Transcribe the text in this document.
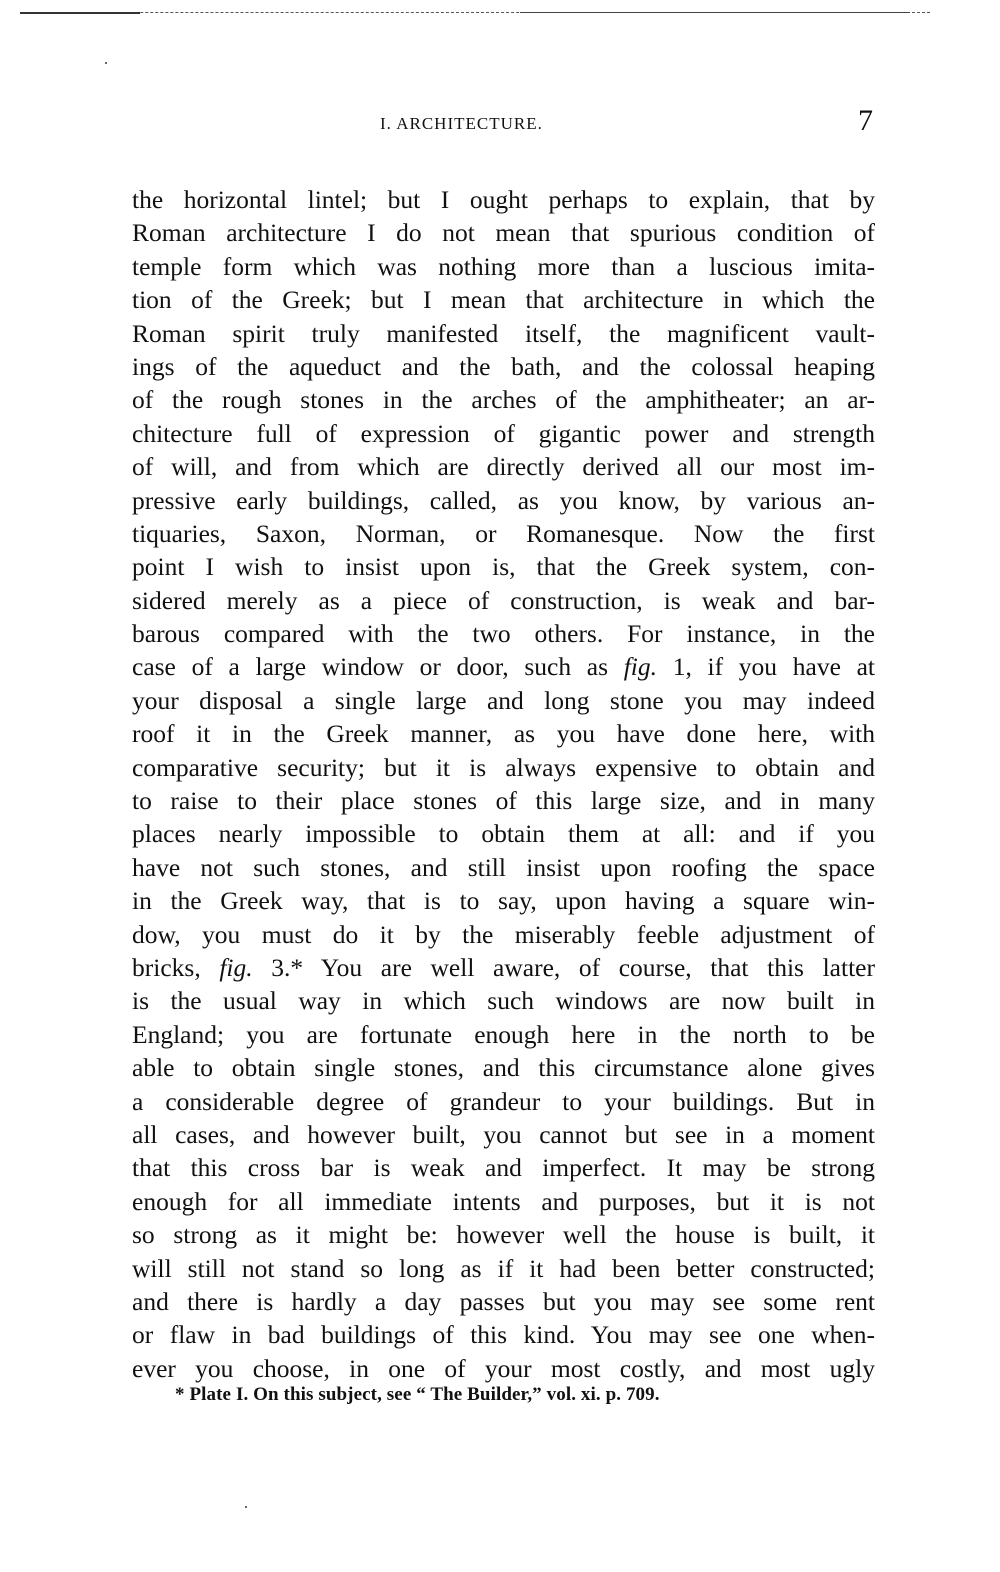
I. ARCHITECTURE.	7
the horizontal lintel; but I ought perhaps to explain, that by
Roman architecture I do not mean that spurious condition of
temple form which was nothing more than a luscious imita-
tion of the Greek; but I mean that architecture in which the
Roman spirit truly manifested itself, the magnificent vault-
ings of the aqueduct and the bath, and the colossal heaping
of the rough stones in the arches of the amphitheater; an ar-
chitecture full of expression of gigantic power and strength
of will, and from which are directly derived all our most im-
pressive early buildings, called, as you know, by various an-
tiquaries, Saxon, Norman, or Romanesque. Now the first
point I wish to insist upon is, that the Greek system, con-
sidered merely as a piece of construction, is weak and bar-
barous compared with the two others. For instance, in the
case of a large window or door, such as fig. 1, if you have at
your disposal a single large and long stone you may indeed
roof it in the Greek manner, as you have done here, with
comparative security; but it is always expensive to obtain and
to raise to their place stones of this large size, and in many
places nearly impossible to obtain them at all: and if you
have not such stones, and still insist upon roofing the space
in the Greek way, that is to say, upon having a square win-
dow, you must do it by the miserably feeble adjustment of
bricks, fig. 3.* You are well aware, of course, that this latter
is the usual way in which such windows are now built in
England; you are fortunate enough here in the north to be
able to obtain single stones, and this circumstance alone gives
a considerable degree of grandeur to your buildings. But in
all cases, and however built, you cannot but see in a moment
that this cross bar is weak and imperfect. It may be strong
enough for all immediate intents and purposes, but it is not
so strong as it might be: however well the house is built, it
will still not stand so long as if it had been better constructed;
and there is hardly a day passes but you may see some rent
or flaw in bad buildings of this kind. You may see one when-
ever you choose, in one of your most costly, and most ugly
* Plate I. On this subject, see “ The Builder,” vol. xi. p. 709.
